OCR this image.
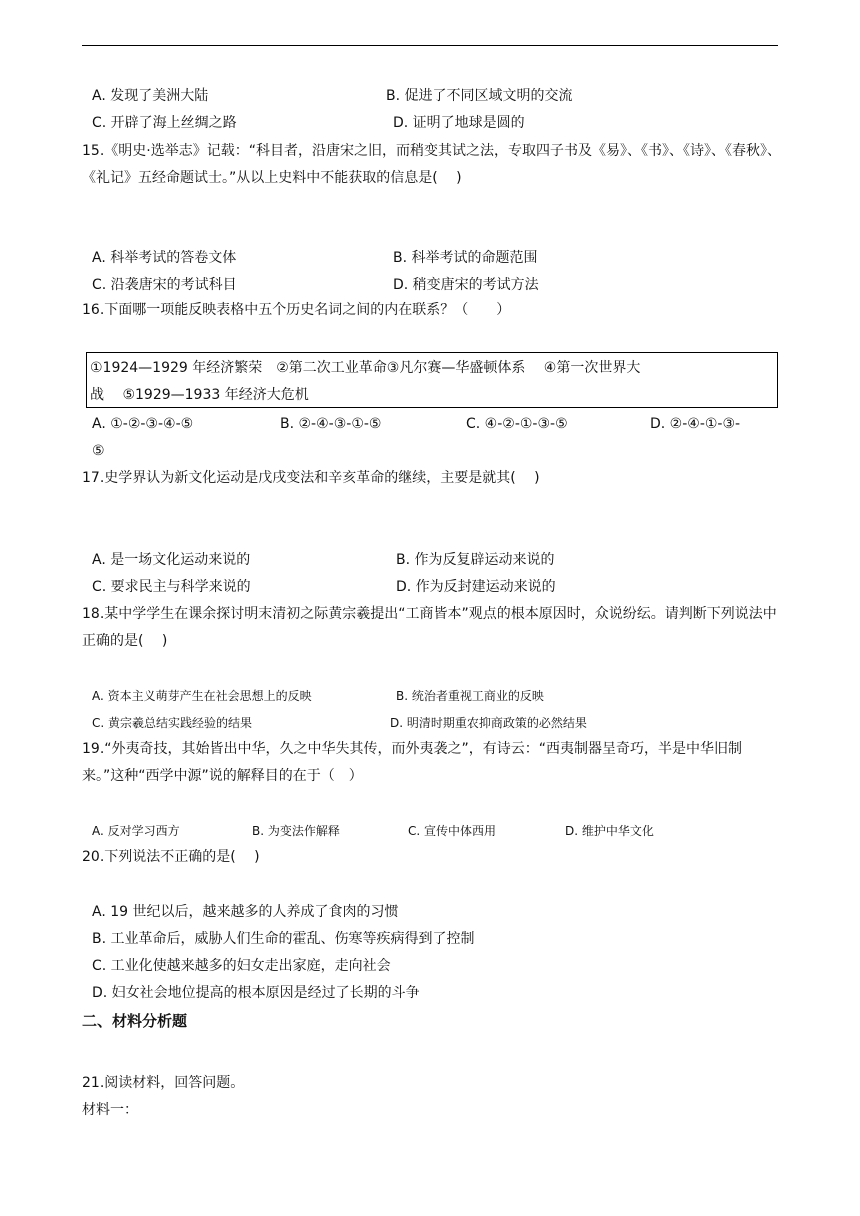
A. 发现了美洲大陆	B. 促进了不同区域文明的交流
C. 开辟了海上丝绸之路	D. 证明了地球是圆的
15.《明史·选举志》记载：“科目者，沿唐宋之旧，而稍变其试之法，专取四子书及《易》、《书》、《诗》、《春秋》、《礼记》五经命题试士。”从以上史料中不能获取的信息是(　 )
A. 科举考试的答卷文体	B. 科举考试的命题范围
C. 沿袭唐宋的考试科目	D. 稍变唐宋的考试方法
16.下面哪一项能反映表格中五个历史名词之间的内在联系？（　　）
①1924—1929 年经济繁荣　②第二次工业革命③凡尔赛—华盛顿体系　 ④第一次世界大
战　 ⑤1929—1933 年经济大危机
A. ①-②-③-④-⑤	B. ②-④-③-①-⑤	C. ④-②-①-③-⑤	D. ②-④-①-③-
⑤
17.史学界认为新文化运动是戊戌变法和辛亥革命的继续，主要是就其(　 )
A. 是一场文化运动来说的	B. 作为反复辟运动来说的
C. 要求民主与科学来说的	D. 作为反封建运动来说的
18.某中学学生在课余探讨明末清初之际黄宗羲提出“工商皆本”观点的根本原因时，众说纷纭。请判断下列说法中正确的是(　 )
A. 资本主义萌芽产生在社会思想上的反映	B. 统治者重视工商业的反映
C. 黄宗羲总结实践经验的结果	D. 明清时期重农抑商政策的必然结果
19.“外夷奇技，其始皆出中华，久之中华失其传，而外夷袭之”，有诗云：“西夷制器呈奇巧，半是中华旧制来。”这种“西学中源”说的解释目的在于（　）
A. 反对学习西方	B. 为变法作解释	C. 宣传中体西用	D. 维护中华文化
20.下列说法不正确的是(　 )
A. 19 世纪以后，越来越多的人养成了食肉的习惯
B. 工业革命后，威胁人们生命的霍乱、伤寒等疾病得到了控制
C. 工业化使越来越多的妇女走出家庭，走向社会
D. 妇女社会地位提高的根本原因是经过了长期的斗争
二、材料分析题
21.阅读材料，回答问题。
材料一：
